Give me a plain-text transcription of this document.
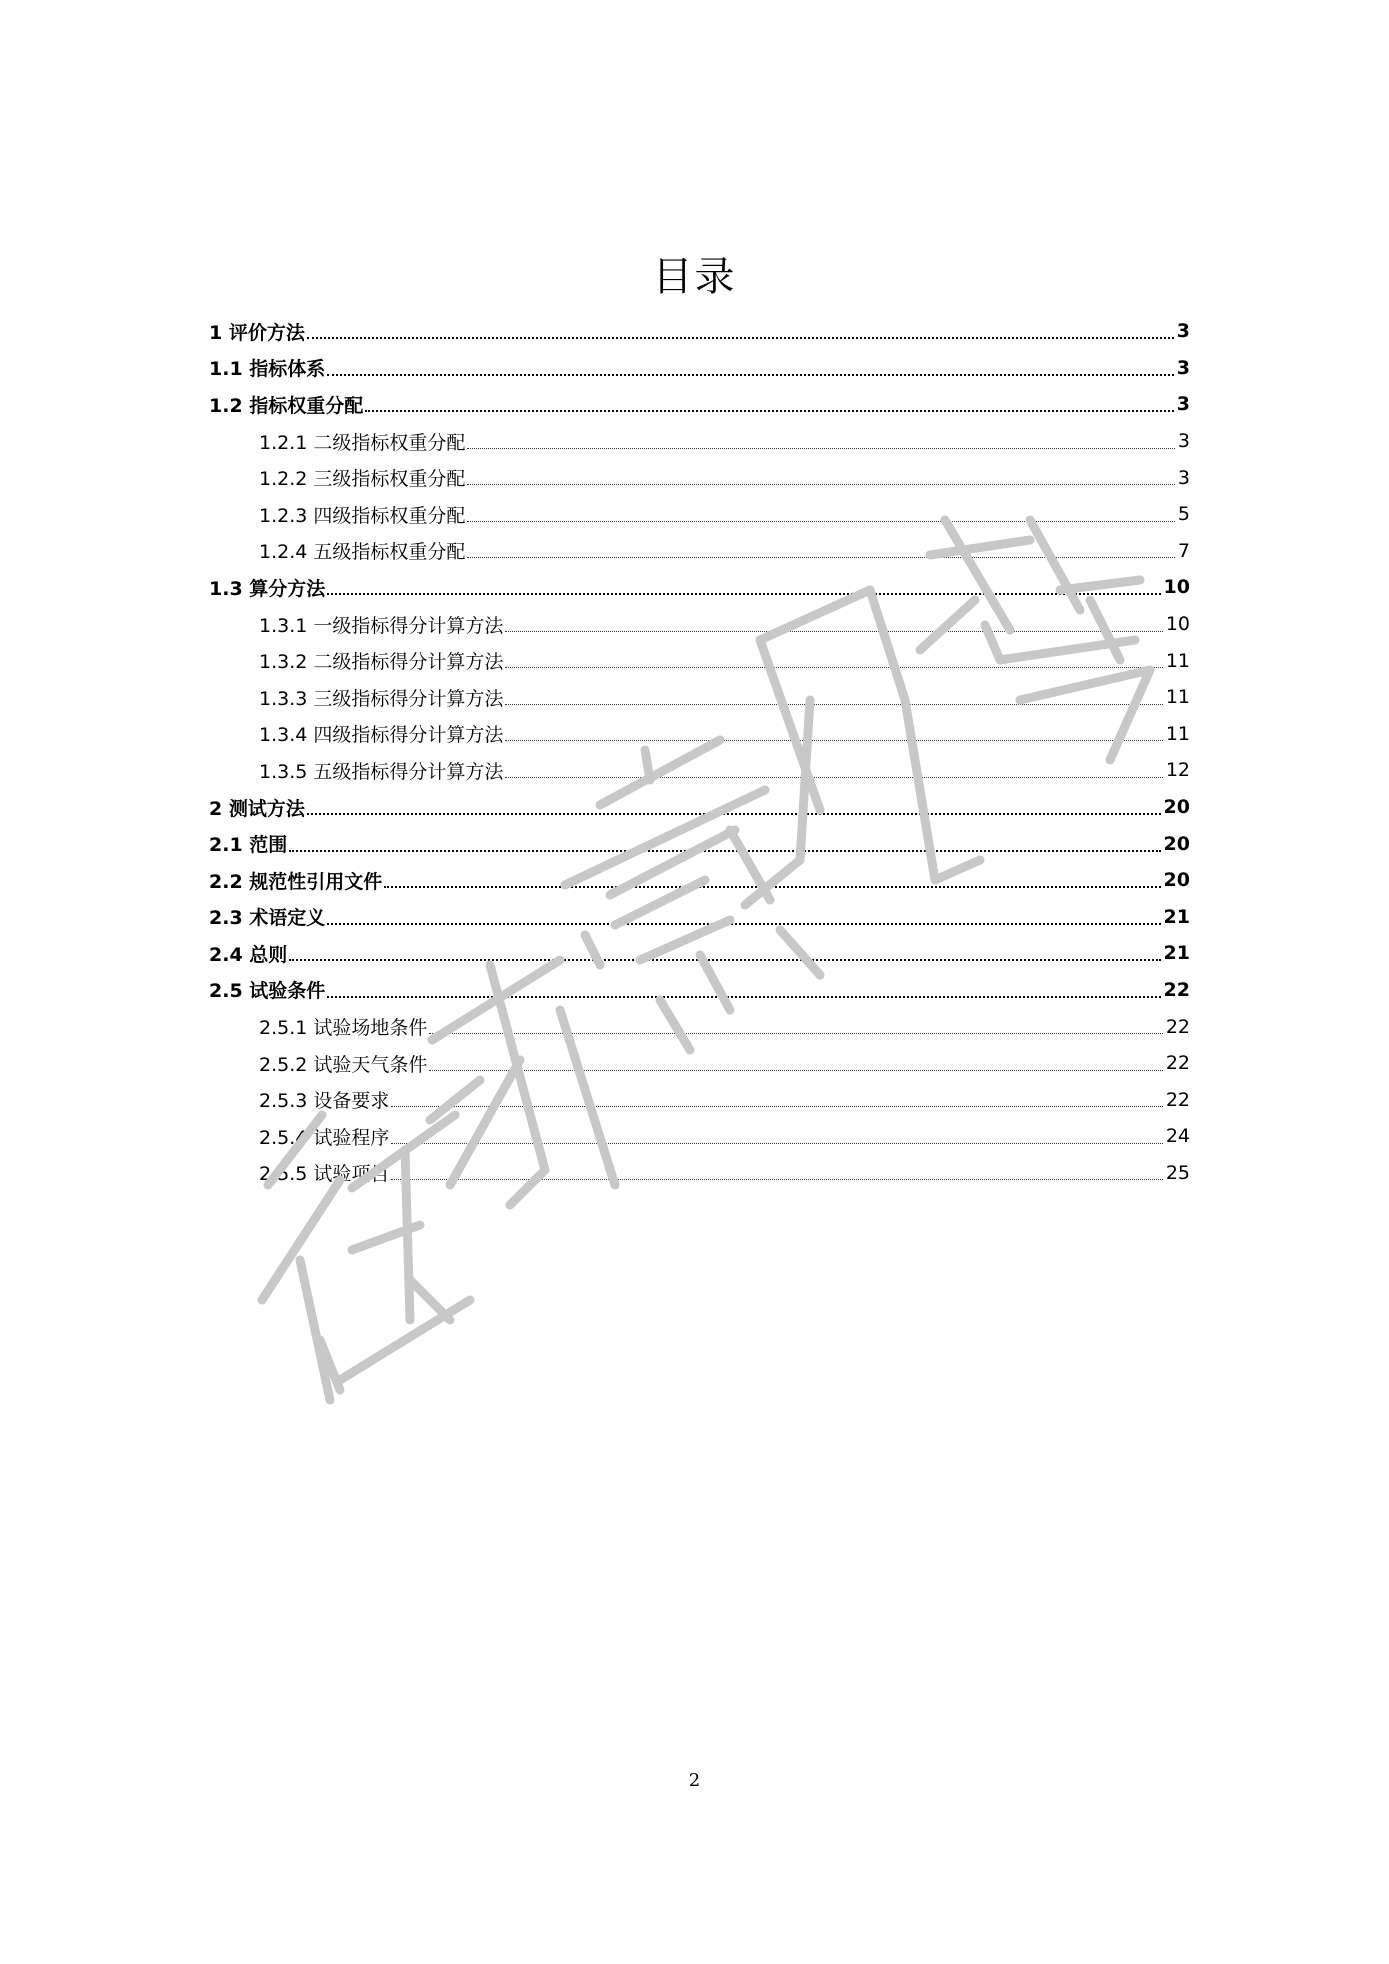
目录
1 评价方法	3
1.1 指标体系	3
1.2 指标权重分配	3
1.2.1 二级指标权重分配	3
1.2.2 三级指标权重分配	3
1.2.3 四级指标权重分配	5
1.2.4 五级指标权重分配	7
1.3 算分方法	10
1.3.1 一级指标得分计算方法	10
1.3.2 二级指标得分计算方法	11
1.3.3 三级指标得分计算方法	11
1.3.4 四级指标得分计算方法	11
1.3.5 五级指标得分计算方法	12
2 测试方法	20
2.1 范围	20
2.2 规范性引用文件	20
2.3 术语定义	21
2.4 总则	21
2.5 试验条件	22
2.5.1 试验场地条件	22
2.5.2 试验天气条件	22
2.5.3 设备要求	22
2.5.4 试验程序	24
2.5.5 试验项目	25
2
